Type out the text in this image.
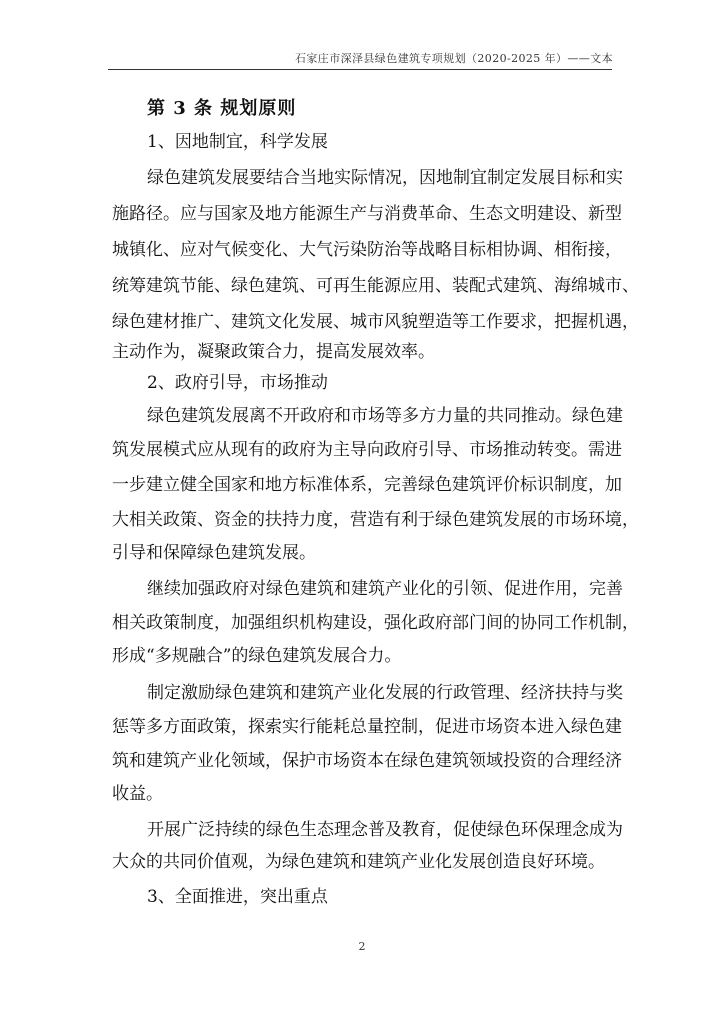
石家庄市深泽县绿色建筑专项规划（2020-2025 年）——文本
第 3 条 规划原则
1、因地制宜，科学发展
绿色建筑发展要结合当地实际情况，因地制宜制定发展目标和实
施路径。应与国家及地方能源生产与消费革命、生态文明建设、新型
城镇化、应对气候变化、大气污染防治等战略目标相协调、相衔接，
统筹建筑节能、绿色建筑、可再生能源应用、装配式建筑、海绵城市、
绿色建材推广、建筑文化发展、城市风貌塑造等工作要求，把握机遇，
主动作为，凝聚政策合力，提高发展效率。
2、政府引导，市场推动
绿色建筑发展离不开政府和市场等多方力量的共同推动。绿色建
筑发展模式应从现有的政府为主导向政府引导、市场推动转变。需进
一步建立健全国家和地方标准体系，完善绿色建筑评价标识制度，加
大相关政策、资金的扶持力度，营造有利于绿色建筑发展的市场环境，
引导和保障绿色建筑发展。
继续加强政府对绿色建筑和建筑产业化的引领、促进作用，完善
相关政策制度，加强组织机构建设，强化政府部门间的协同工作机制，
形成“多规融合”的绿色建筑发展合力。
制定激励绿色建筑和建筑产业化发展的行政管理、经济扶持与奖
惩等多方面政策，探索实行能耗总量控制，促进市场资本进入绿色建
筑和建筑产业化领域，保护市场资本在绿色建筑领域投资的合理经济
收益。
开展广泛持续的绿色生态理念普及教育，促使绿色环保理念成为
大众的共同价值观，为绿色建筑和建筑产业化发展创造良好环境。
3、全面推进，突出重点
2
